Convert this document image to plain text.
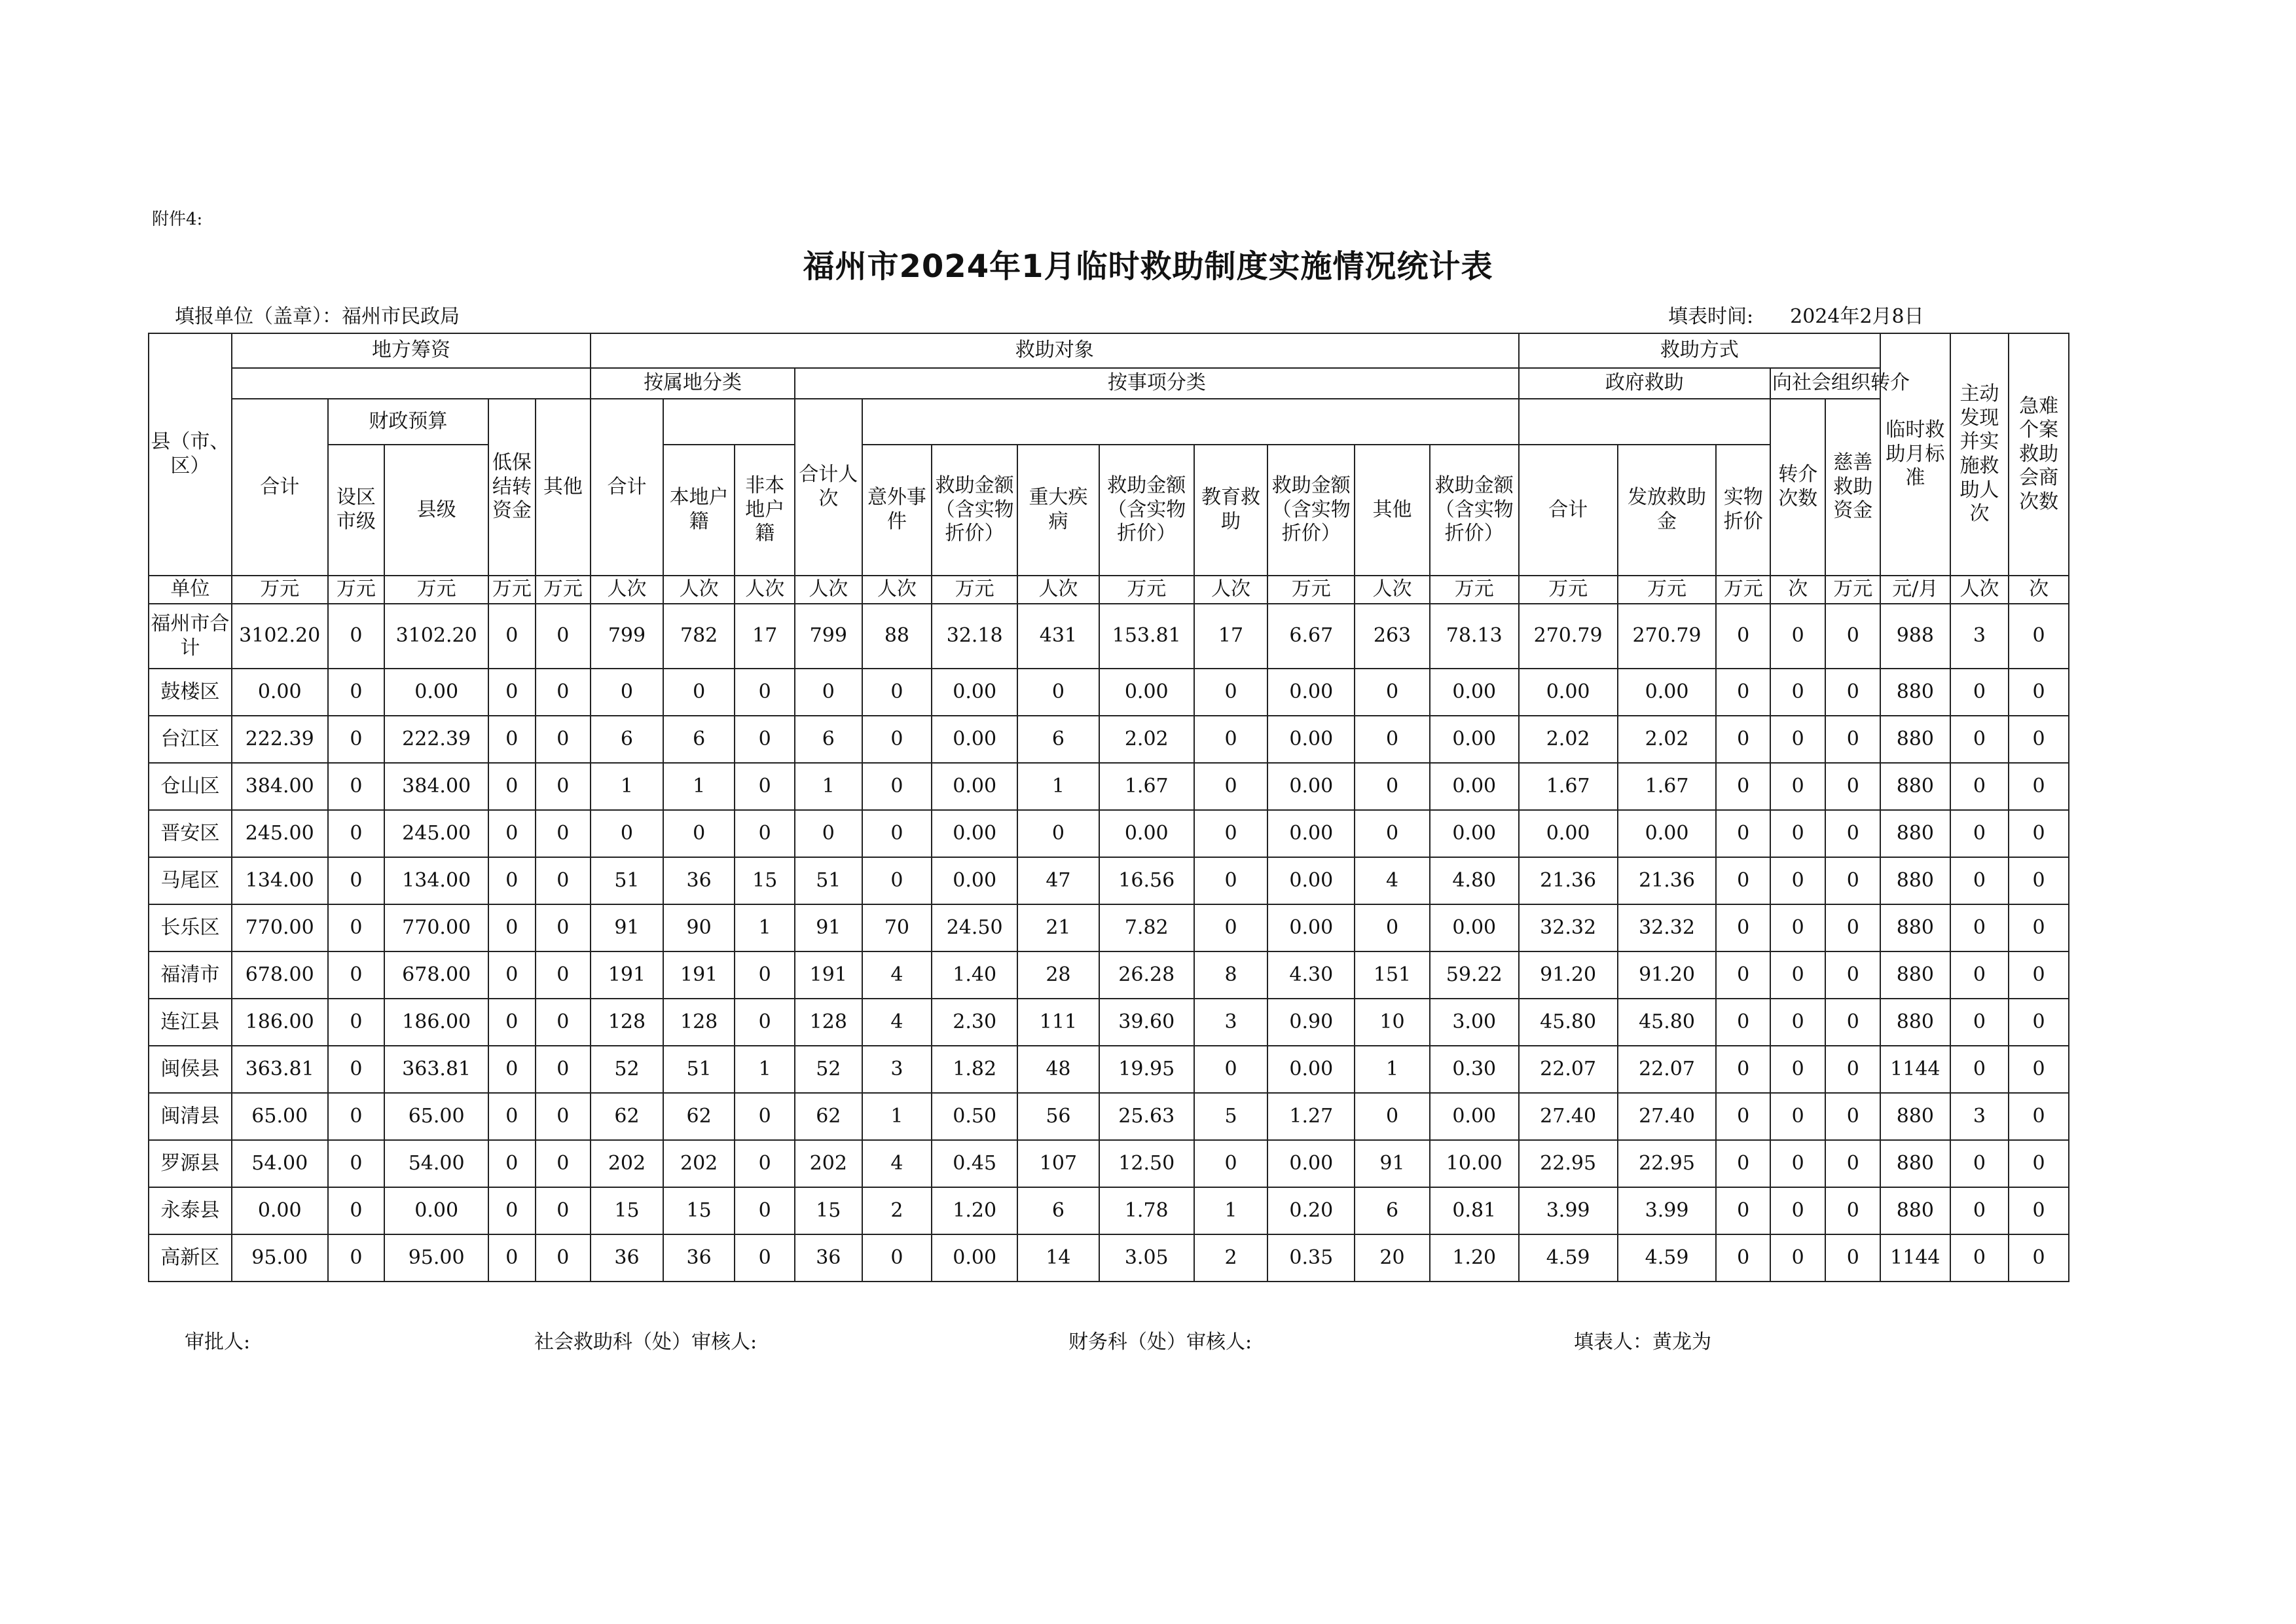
附件4:
福州市2024年1月临时救助制度实施情况统计表
填报单位（盖章）：福州市民政局	填表时间: 2024年2月8日
县（市、区）	地方筹资					救助对象												救助方式					临时救助月标准	主动发现并实施救助人次	急难个案救助会商次数
						按属地分类			按事项分类									政府救助			向社会组织转介				
	合计	财政预算		低保结转资金	其他	合计			合计人次												转介次数	慈善救助资金			
		设区市级	县级				本地户籍	非本地户籍		意外事件	救助金额（含实物折价）	重大疾病	救助金额（含实物折价）	教育救助	救助金额（含实物折价）	其他	救助金额（含实物折价）	合计	发放救助金	实物折价					
单位	万元	万元	万元	万元	万元	人次	人次	人次	人次	人次	万元	人次	万元	人次	万元	人次	万元	万元	万元	万元	次	万元	元/月	人次	次
福州市合计	3102.20	0	3102.20	0	0	799	782	17	799	88	32.18	431	153.81	17	6.67	263	78.13	270.79	270.79	0	0	0	988	3	0
鼓楼区	0.00	0	0.00	0	0	0	0	0	0	0	0.00	0	0.00	0	0.00	0	0.00	0.00	0.00	0	0	0	880	0	0
台江区	222.39	0	222.39	0	0	6	6	0	6	0	0.00	6	2.02	0	0.00	0	0.00	2.02	2.02	0	0	0	880	0	0
仓山区	384.00	0	384.00	0	0	1	1	0	1	0	0.00	1	1.67	0	0.00	0	0.00	1.67	1.67	0	0	0	880	0	0
晋安区	245.00	0	245.00	0	0	0	0	0	0	0	0.00	0	0.00	0	0.00	0	0.00	0.00	0.00	0	0	0	880	0	0
马尾区	134.00	0	134.00	0	0	51	36	15	51	0	0.00	47	16.56	0	0.00	4	4.80	21.36	21.36	0	0	0	880	0	0
长乐区	770.00	0	770.00	0	0	91	90	1	91	70	24.50	21	7.82	0	0.00	0	0.00	32.32	32.32	0	0	0	880	0	0
福清市	678.00	0	678.00	0	0	191	191	0	191	4	1.40	28	26.28	8	4.30	151	59.22	91.20	91.20	0	0	0	880	0	0
连江县	186.00	0	186.00	0	0	128	128	0	128	4	2.30	111	39.60	3	0.90	10	3.00	45.80	45.80	0	0	0	880	0	0
闽侯县	363.81	0	363.81	0	0	52	51	1	52	3	1.82	48	19.95	0	0.00	1	0.30	22.07	22.07	0	0	0	1144	0	0
闽清县	65.00	0	65.00	0	0	62	62	0	62	1	0.50	56	25.63	5	1.27	0	0.00	27.40	27.40	0	0	0	880	3	0
罗源县	54.00	0	54.00	0	0	202	202	0	202	4	0.45	107	12.50	0	0.00	91	10.00	22.95	22.95	0	0	0	880	0	0
永泰县	0.00	0	0.00	0	0	15	15	0	15	2	1.20	6	1.78	1	0.20	6	0.81	3.99	3.99	0	0	0	880	0	0
高新区	95.00	0	95.00	0	0	36	36	0	36	0	0.00	14	3.05	2	0.35	20	1.20	4.59	4.59	0	0	0	1144	0	0
审批人:	社会救助科（处）审核人:	财务科（处）审核人:	填表人：黄龙为
